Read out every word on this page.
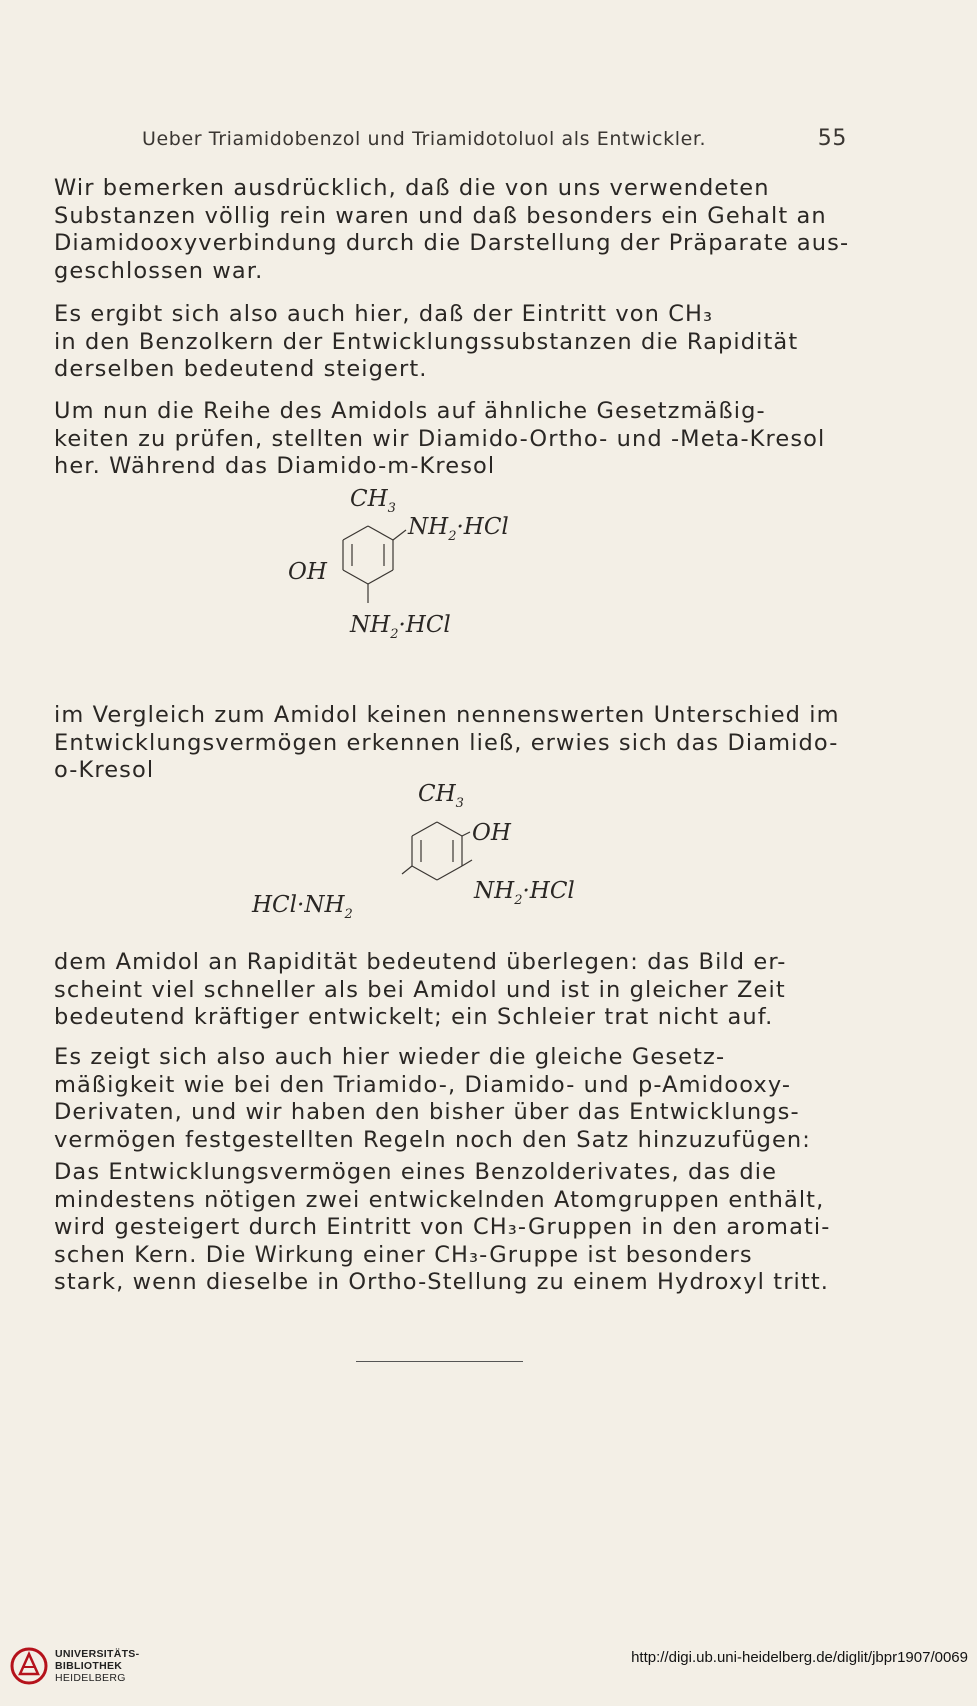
Ueber Triamidobenzol und Triamidotoluol als Entwickler.	55
Wir bemerken ausdrücklich, daß die von uns verwendeten
Substanzen völlig rein waren und daß besonders ein Gehalt an
Diamidooxyverbindung durch die Darstellung der Präparate aus-
geschlossen war.
Es ergibt sich also auch hier, daß der Eintritt von CH₃
in den Benzolkern der Entwicklungssubstanzen die Rapidität
derselben bedeutend steigert.
Um nun die Reihe des Amidols auf ähnliche Gesetzmäßig-
keiten zu prüfen, stellten wir Diamido-Ortho- und -Meta-Kresol
her. Während das Diamido-m-Kresol
$CH_3$
$NH_2\cdot HCl$
OH
$NH_2\cdot HCl$
im Vergleich zum Amidol keinen nennenswerten Unterschied im
Entwicklungsvermögen erkennen ließ, erwies sich das Diamido-
o-Kresol
$CH_3$
OH
$HCl\cdot NH_2$
$NH_2\cdot HCl$
dem Amidol an Rapidität bedeutend überlegen: das Bild er-
scheint viel schneller als bei Amidol und ist in gleicher Zeit
bedeutend kräftiger entwickelt; ein Schleier trat nicht auf.
Es zeigt sich also auch hier wieder die gleiche Gesetz-
mäßigkeit wie bei den Triamido-, Diamido- und p-Amidooxy-
Derivaten, und wir haben den bisher über das Entwicklungs-
vermögen festgestellten Regeln noch den Satz hinzuzufügen:
Das Entwicklungsvermögen eines Benzolderivates, das die
mindestens nötigen zwei entwickelnden Atomgruppen enthält,
wird gesteigert durch Eintritt von CH₃-Gruppen in den aromati-
schen Kern. Die Wirkung einer CH₃-Gruppe ist besonders
stark, wenn dieselbe in Ortho-Stellung zu einem Hydroxyl tritt.
UNIVERSITÄTS-
BIBLIOTHEK
HEIDELBERG
http://digi.ub.uni-heidelberg.de/diglit/jbpr1907/0069
